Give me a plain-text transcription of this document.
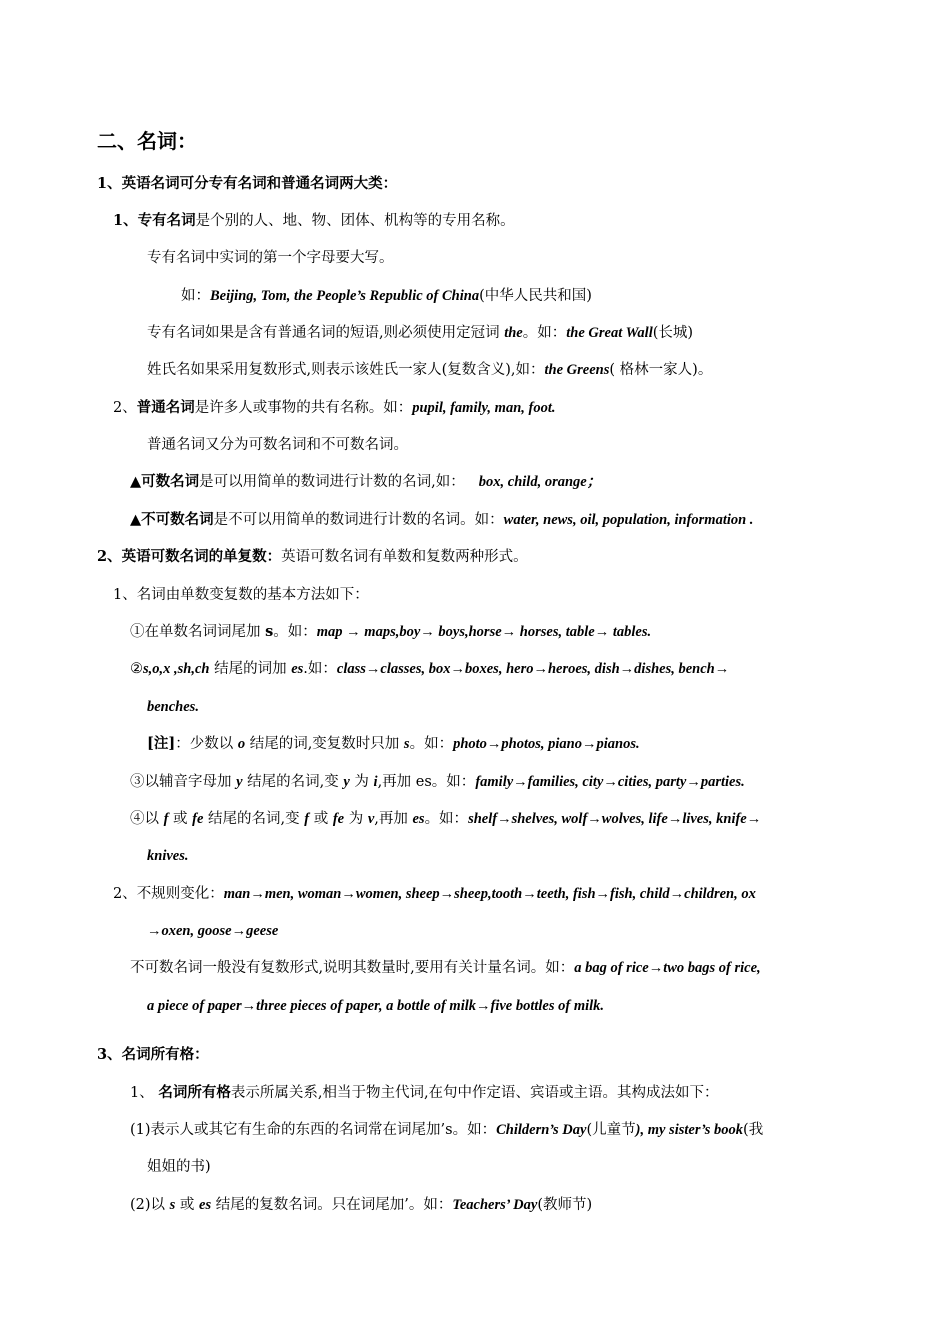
二、名词：
1、英语名词可分专有名词和普通名词两大类：
1、专有名词是个别的人、地、物、团体、机构等的专用名称。
专有名词中实词的第一个字母要大写。
如：Beijing, Tom, the People’s Republic of China(中华人民共和国)
专有名词如果是含有普通名词的短语,则必须使用定冠词 the。如：the Great Wall(长城)
姓氏名如果采用复数形式,则表示该姓氏一家人(复数含义),如：the Greens( 格林一家人)。
2、普通名词是许多人或事物的共有名称。如：pupil, family, man, foot.
普通名词又分为可数名词和不可数名词。
▲可数名词是可以用简单的数词进行计数的名词,如： box, child, orange；
▲不可数名词是不可以用简单的数词进行计数的名词。如：water, news, oil, population, information .
2、英语可数名词的单复数：英语可数名词有单数和复数两种形式。
1、名词由单数变复数的基本方法如下：
①在单数名词词尾加 s。如：map → maps,boy→ boys,horse→ horses, table→ tables.
②s,o,x ,sh,ch 结尾的词加 es.如：class→classes, box→boxes, hero→heroes, dish→dishes, bench→
benches.
[注]：少数以 o 结尾的词,变复数时只加 s。如：photo→photos, piano→pianos.
③以辅音字母加 y 结尾的名词,变 y 为 i,再加 es。如：family→families, city→cities, party→parties.
④以 f 或 fe 结尾的名词,变 f 或 fe 为 v,再加 es。如：shelf→shelves, wolf→wolves, life→lives, knife→
knives.
2、不规则变化：man→men, woman→women, sheep→sheep,tooth→teeth, fish→fish, child→children, ox
→oxen, goose→geese
不可数名词一般没有复数形式,说明其数量时,要用有关计量名词。如：a bag of rice→two bags of rice,
a piece of paper→three pieces of paper, a bottle of milk→five bottles of milk.
3、名词所有格：
1、 名词所有格表示所属关系,相当于物主代词,在句中作定语、宾语或主语。其构成法如下：
(1)表示人或其它有生命的东西的名词常在词尾加’s。如：Childern’s Day(儿童节), my sister’s book(我
姐姐的书)
(2)以 s 或 es 结尾的复数名词。只在词尾加’。如：Teachers’ Day(教师节)
